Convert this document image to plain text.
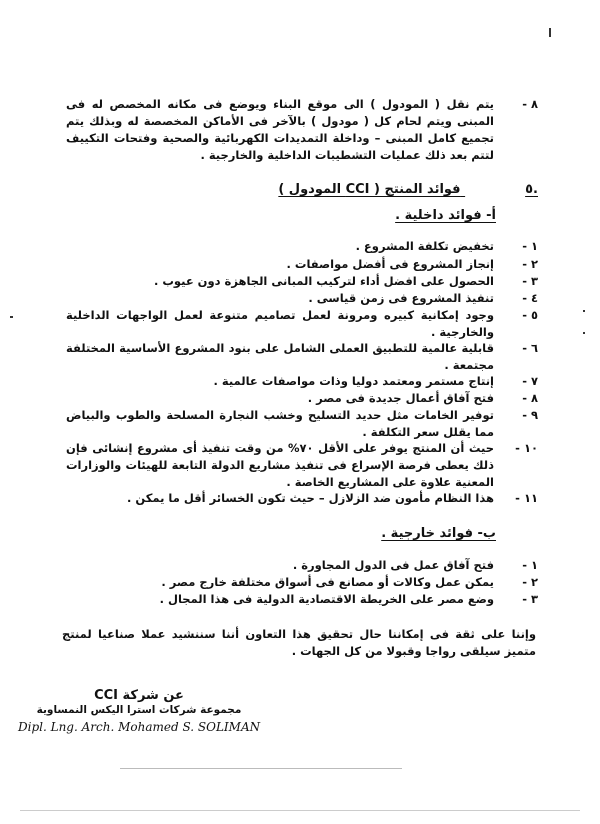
٨ -
يتم نقل ( المودول ) الى موقع البناء ويوضع فى مكانه المخصص له فى المبنى ويتم لحام كل ( مودول ) بالآخر فى الأماكن المخصصة له وبذلك يتم تجميع كامل المبنى – وداخلة التمديدات الكهربائية والصحية وفتحات التكييف لتتم بعد ذلك عمليات التشطيبات الداخلية والخارجية .
.٥ فوائد المنتج ( CCI المودول )
أ- فوائد داخلية .
١ -
تخفيض تكلفة المشروع .
٢ -
إنجاز المشروع فى أفضل مواصفات .
٣ -
الحصول على افضل أداء لتركيب المبانى الجاهزة دون عيوب .
٤ -
تنفيذ المشروع فى زمن قياسى .
٥ -
وجود إمكانية كبيره ومرونة لعمل تصاميم متنوعة لعمل الواجهات الداخلية والخارجية .
٦ -
قابلية عالمية للتطبيق العملى الشامل على بنود المشروع الأساسية المختلفة مجتمعة .
٧ -
إنتاج مستمر ومعتمد دوليا وذات مواصفات عالمية .
٨ -
فتح آفاق أعمال جديدة فى مصر .
٩ -
توفير الخامات مثل حديد التسليح وخشب النجارة المسلحة والطوب والبياض مما يقلل سعر التكلفة .
١٠ -
حيث أن المنتج يوفر على الأقل ٧٠% من وقت تنفيذ أى مشروع إنشائى فإن ذلك يعطى فرصة الإسراع فى تنفيذ مشاريع الدولة التابعة للهيئات والوزارات المعنية علاوة على المشاريع الخاصة .
١١ -
هذا النظام مأمون ضد الزلازل – حيث تكون الخسائر أقل ما يمكن .
ب- فوائد خارجية .
١ -
فتح آفاق عمل فى الدول المجاورة .
٢ -
يمكن عمل وكالات أو مصانع فى أسواق مختلفة خارج مصر .
٣ -
وضع مصر على الخريطة الاقتصادية الدولية فى هذا المجال .
وإننا على ثقة فى إمكاننا حال تحقيق هذا التعاون أننا سننشيد عملا صناعيا لمنتج متميز سيلقى رواجا وقبولا من كل الجهات .
عن شركة CCI
مجموعة شركات استرا اليكس النمساوية
Dipl. Lng. Arch. Mohamed S. SOLIMAN
